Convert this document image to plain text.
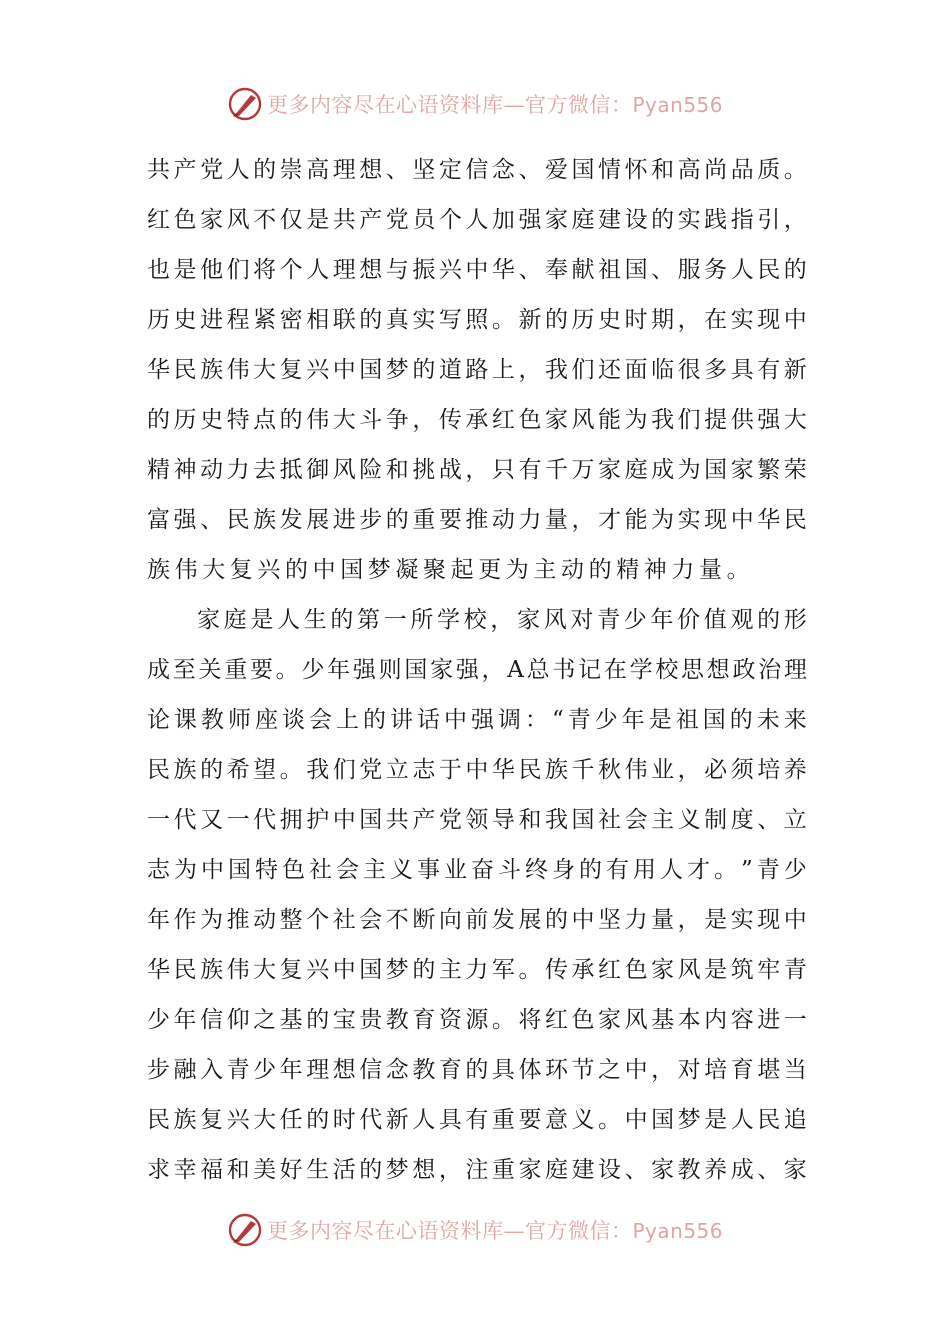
更多内容尽在心语资料库—官方微信：Pyan556
共 产 党 人 的 崇 高 理 想 、 坚 定 信 念 、 爱 国 情 怀 和 高 尚 品 质 。
红 色 家 风 不 仅 是 共 产 党 员 个 人 加 强 家 庭 建 设 的 实 践 指 引 ，
也 是 他 们 将 个 人 理 想 与 振 兴 中 华 、 奉 献 祖 国 、 服 务 人 民 的
历 史 进 程 紧 密 相 联 的 真 实 写 照 。 新 的 历 史 时 期 ， 在 实 现 中
华 民 族 伟 大 复 兴 中 国 梦 的 道 路 上 ， 我 们 还 面 临 很 多 具 有 新
的 历 史 特 点 的 伟 大 斗 争 ， 传 承 红 色 家 风 能 为 我 们 提 供 强 大
精 神 动 力 去 抵 御 风 险 和 挑 战 ， 只 有 千 万 家 庭 成 为 国 家 繁 荣
富 强 、 民 族 发 展 进 步 的 重 要 推 动 力 量 ， 才 能 为 实 现 中 华 民
族伟大复兴的中国梦凝聚起更为主动的精神力量。
家 庭 是 人 生 的 第 一 所 学 校 ， 家 风 对 青 少 年 价 值 观 的 形
成 至 关 重 要 。 少 年 强 则 国 家 强 ， A 总 书 记 在 学 校 思 想 政 治 理
论 课 教 师 座 谈 会 上 的 讲 话 中 强 调 ： “ 青 少 年 是 祖 国 的 未 来
民 族 的 希 望 。 我 们 党 立 志 于 中 华 民 族 千 秋 伟 业 ， 必 须 培 养
一 代 又 一 代 拥 护 中 国 共 产 党 领 导 和 我 国 社 会 主 义 制 度 、 立
志 为 中 国 特 色 社 会 主 义 事 业 奋 斗 终 身 的 有 用 人 才 。 ” 青 少
年 作 为 推 动 整 个 社 会 不 断 向 前 发 展 的 中 坚 力 量 ， 是 实 现 中
华 民 族 伟 大 复 兴 中 国 梦 的 主 力 军 。 传 承 红 色 家 风 是 筑 牢 青
少 年 信 仰 之 基 的 宝 贵 教 育 资 源 。 将 红 色 家 风 基 本 内 容 进 一
步 融 入 青 少 年 理 想 信 念 教 育 的 具 体 环 节 之 中 ， 对 培 育 堪 当
民 族 复 兴 大 任 的 时 代 新 人 具 有 重 要 意 义 。 中 国 梦 是 人 民 追
求 幸 福 和 美 好 生 活 的 梦 想 ， 注 重 家 庭 建 设 、 家 教 养 成 、 家
更多内容尽在心语资料库—官方微信：Pyan556
